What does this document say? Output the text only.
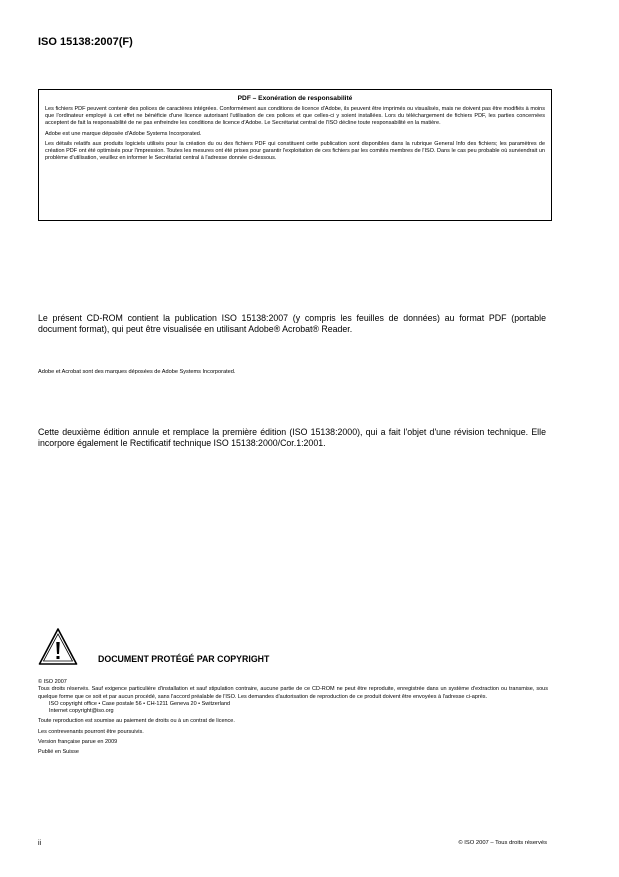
ISO 15138:2007(F)

PDF – Exonération de responsabilité

Les fichiers PDF peuvent contenir des polices de caractères intégrées. Conformément aux conditions de licence d'Adobe, ils peuvent être imprimés ou visualisés, mais ne doivent pas être modifiés à moins que l'ordinateur employé à cet effet ne bénéficie d'une licence autorisant l'utilisation de ces polices et que celles-ci y soient installées. Lors du téléchargement de fichiers PDF, les parties concernées acceptent de fait la responsabilité de ne pas enfreindre les conditions de licence d'Adobe. Le Secrétariat central de l'ISO décline toute responsabilité en la matière.

Adobe est une marque déposée d'Adobe Systems Incorporated.

Les détails relatifs aux produits logiciels utilisés pour la création du ou des fichiers PDF qui constituent cette publication sont disponibles dans la rubrique General Info des fichiers; les paramètres de création PDF ont été optimisés pour l'impression. Toutes les mesures ont été prises pour garantir l'exploitation de ces fichiers par les comités membres de l'ISO. Dans le cas peu probable où surviendrait un problème d'utilisation, veuillez en informer le Secrétariat central à l'adresse donnée ci-dessous.

Le présent CD-ROM contient la publication ISO 15138:2007 (y compris les feuilles de données) au format PDF (portable document format), qui peut être visualisée en utilisant Adobe® Acrobat® Reader.

Adobe et Acrobat sont des marques déposées de Adobe Systems Incorporated.

Cette deuxième édition annule et remplace la première édition (ISO 15138:2000), qui a fait l'objet d'une révision technique. Elle incorpore également le Rectificatif technique ISO 15138:2000/Cor.1:2001.

DOCUMENT PROTÉGÉ PAR COPYRIGHT

© ISO 2007

Tous droits réservés. Sauf exigence particulière d'installation et sauf stipulation contraire, aucune partie de ce CD-ROM ne peut être reproduite, enregistrée dans un système d'extraction ou transmise, sous quelque forme que ce soit et par aucun procédé, sans l'accord préalable de l'ISO. Les demandes d'autorisation de reproduction de ce produit doivent être envoyées à l'adresse ci-après.

ISO copyright office • Case postale 56 • CH-1211 Geneva 20 • Switzerland

Internet copyright@iso.org

Toute reproduction est soumise au paiement de droits ou à un contrat de licence.

Les contrevenants pourront être poursuivis.

Version française parue en 2009

Publié en Suisse

ii	© ISO 2007 – Tous droits réservés
